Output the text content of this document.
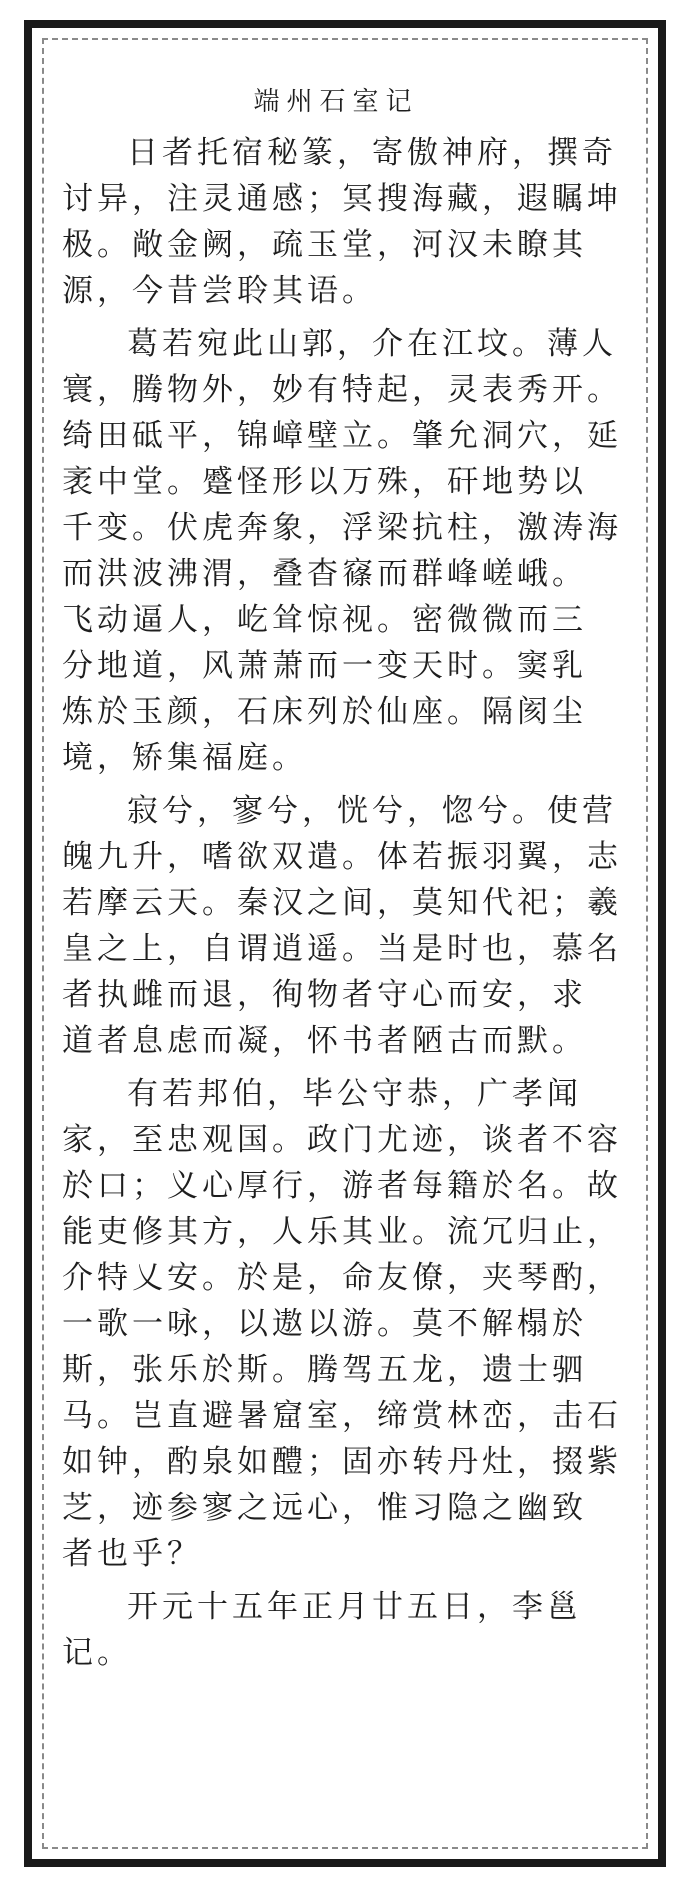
端州石室记
日者托宿秘篆，寄傲神府，撰奇
讨异，注灵通感；冥搜海藏，遐瞩坤
极。敞金阙，疏玉堂，河汉未瞭其
源，今昔尝聆其语。
葛若宛此山郭，介在江坟。薄人
寰，腾物外，妙有特起，灵表秀开。
绮田砥平，锦嶂壁立。肇允洞穴，延
袤中堂。蹙怪形以万殊，矸地势以
千变。伏虎奔象，浮梁抗柱，激涛海
而洪波沸渭，叠杳窱而群峰嵯峨。
飞动逼人，屹耸惊视。密微微而三
分地道，风萧萧而一变天时。窦乳
炼於玉颜，石床列於仙座。隔阂尘
境，矫集福庭。
寂兮，寥兮，恍兮，惚兮。使营
魄九升，嗜欲双遣。体若振羽翼，志
若摩云天。秦汉之间，莫知代祀；羲
皇之上，自谓逍遥。当是时也，慕名
者执雌而退，徇物者守心而安，求
道者息虑而凝，怀书者陋古而默。
有若邦伯，毕公守恭，广孝闻
家，至忠观国。政门尤迹，谈者不容
於口；义心厚行，游者每籍於名。故
能吏修其方，人乐其业。流冗归止，
介特乂安。於是，命友僚，夹琴酌，
一歌一咏，以遨以游。莫不解榻於
斯，张乐於斯。腾驾五龙，遗士驷
马。岂直避暑窟室，缔赏林峦，击石
如钟，酌泉如醴；固亦转丹灶，掇紫
芝，迹参寥之远心，惟习隐之幽致
者也乎？
开元十五年正月廿五日，李邕
记。
